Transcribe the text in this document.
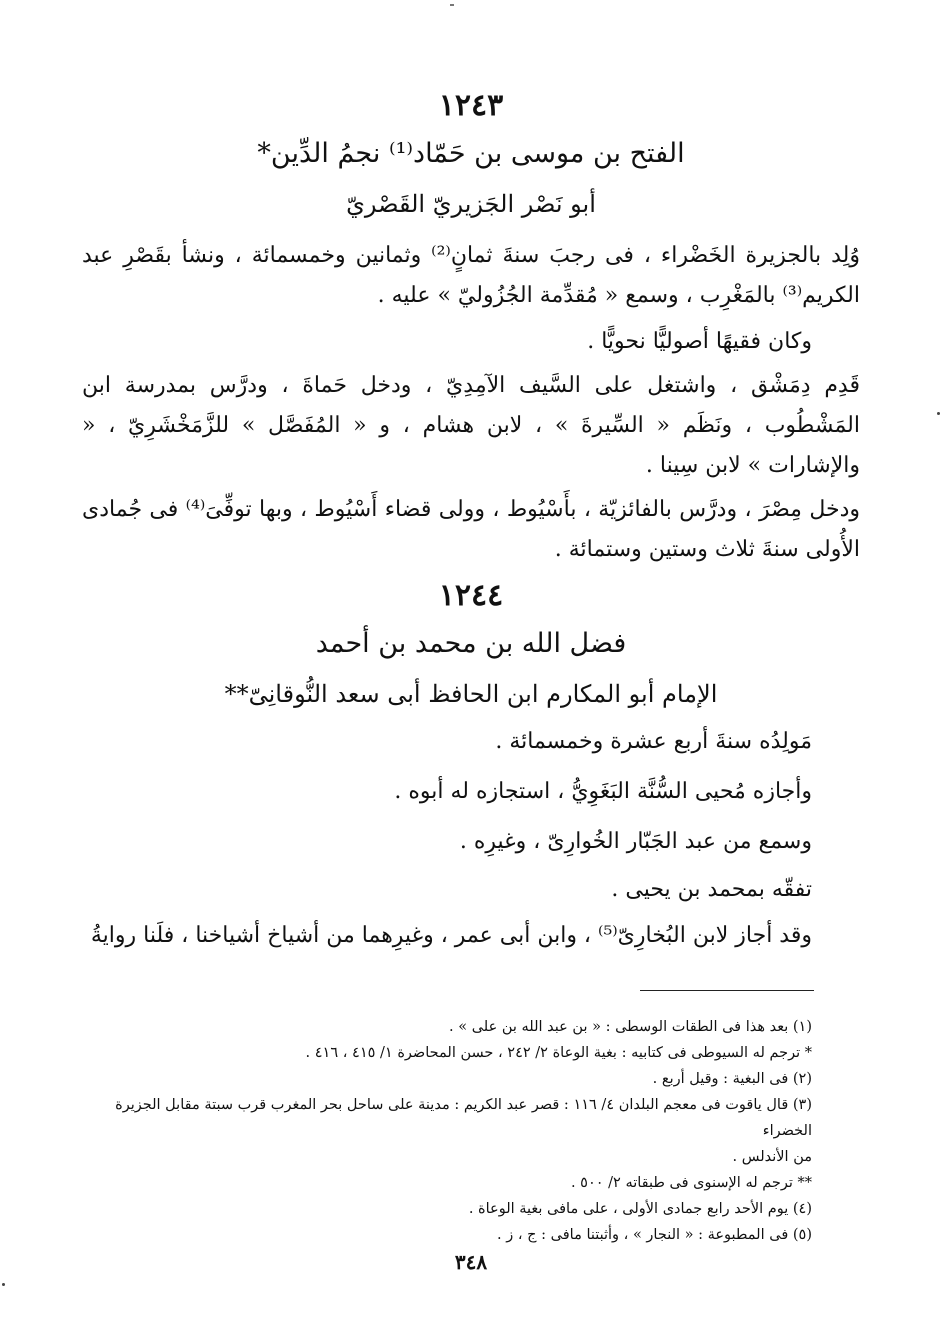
١٢٤٣
الفتح بن موسى بن حَمّاد⁽¹⁾ نجمُ الدِّين*
أبو نَصْر الجَزيريّ القَصْريّ
وُلِد بالجزيرة الخَضْراء ، فى رجبَ سنةَ ثمانٍ⁽²⁾ وثمانين وخمسمائة ، ونشأ بقَصْرِ عبد الكريم⁽³⁾ بالمَغْرِب ، وسمع « مُقدِّمة الجُزُوليّ » عليه .
وكان فقيهًا أصوليًّا نحويًّا .
قَدِم دِمَشْق ، واشتغل على السَّيف الآمِدِيّ ، ودخل حَماةَ ، ودرَّس بمدرسة ابن المَشْطُوب ، ونَظَم « السِّيرةَ » ، لابن هشام ، و « المُفَصَّل » للزَّمَخْشَرِيّ ، « والإشارات » لابن سِينا .
ودخل مِصْرَ ، ودرَّس بالفائزيّة ، بأَسْيُوط ، وولى قضاء أَسْيُوط ، وبها توفِّىَ⁽⁴⁾ فى جُمادى الأُولى سنةَ ثلاث وستين وستمائة .
١٢٤٤
فضل الله بن محمد بن أحمد
الإمام أبو المكارم ابن الحافظ أبى سعد النُّوقانِىّ**
مَولِدُه سنةَ أربع عشرة وخمسمائة .
وأجازه مُحيى السُّنَّة البَغَوِيُّ ، استجازه له أبوه .
وسمع من عبد الجَبّار الخُوارِىّ ، وغيرِه .
تفقّه بمحمد بن يحيى .
وقد أجاز لابن البُخارِىّ⁽⁵⁾ ، وابن أبى عمر ، وغيرِهما من أشياخ أشياخنا ، فلَنا روايةُ

(١) بعد هذا فى الطقات الوسطى : « بن عبد الله بن على » .

* ترجم له السيوطى فى كتابيه : بغية الوعاة ٢/ ٢٤٢ ، حسن المحاضرة ١/ ٤١٥ ، ٤١٦ .

(٢) فى البغية : وقيل أربع .

(٣) قال ياقوت فى معجم البلدان ٤/ ١١٦ : قصر عبد الكريم : مدينة على ساحل بحر المغرب قرب سبتة مقابل الجزيرة الخضراء

من الأندلس .

** ترجم له الإسنوى فى طبقاته ٢/ ٥٠٠ .

(٤) يوم الأحد رابع جمادى الأولى ، على مافى بغية الوعاة .

(٥) فى المطبوعة : « النجار » ، وأثبتنا مافى : ج ، ز .

٣٤٨
